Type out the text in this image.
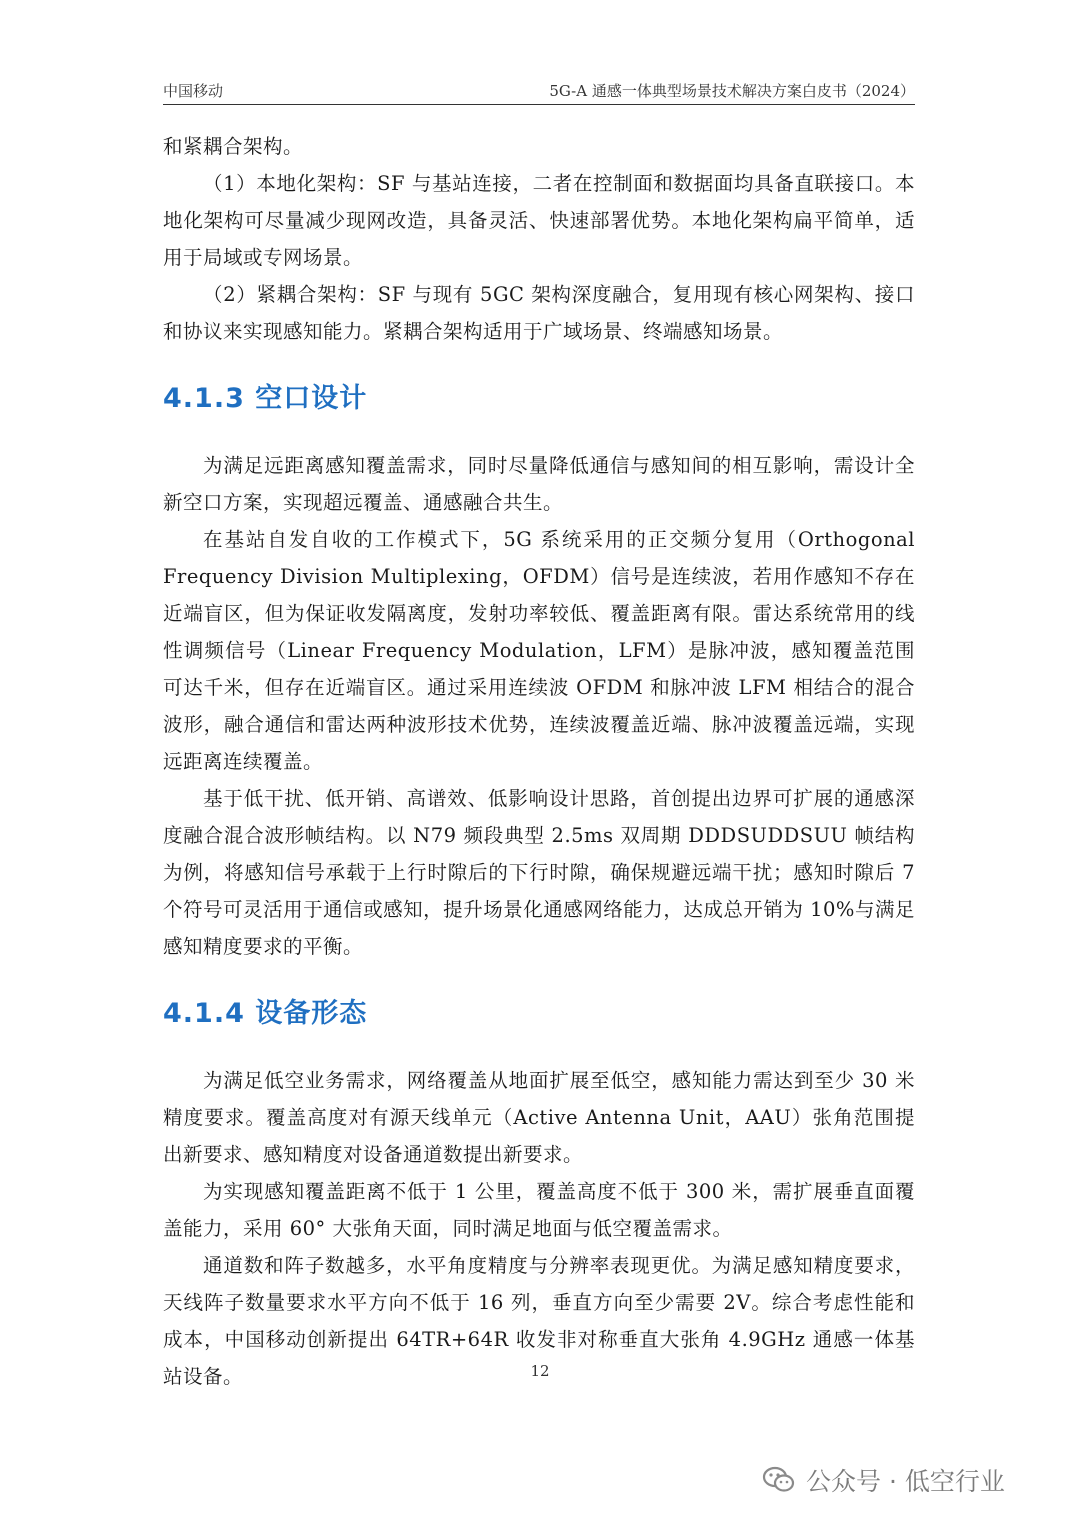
中国移动	5G-A 通感一体典型场景技术解决方案白皮书（2024）

和紧耦合架构。

（1）本地化架构：SF 与基站连接，二者在控制面和数据面均具备直联接口。本地化架构可尽量减少现网改造，具备灵活、快速部署优势。本地化架构扁平简单，适用于局域或专网场景。

（2）紧耦合架构：SF 与现有 5GC 架构深度融合，复用现有核心网架构、接口和协议来实现感知能力。紧耦合架构适用于广域场景、终端感知场景。

4.1.3 空口设计

为满足远距离感知覆盖需求，同时尽量降低通信与感知间的相互影响，需设计全新空口方案，实现超远覆盖、通感融合共生。

在基站自发自收的工作模式下，5G 系统采用的正交频分复用（Orthogonal Frequency Division Multiplexing，OFDM）信号是连续波，若用作感知不存在近端盲区，但为保证收发隔离度，发射功率较低、覆盖距离有限。雷达系统常用的线性调频信号（Linear Frequency Modulation，LFM）是脉冲波，感知覆盖范围可达千米，但存在近端盲区。通过采用连续波 OFDM 和脉冲波 LFM 相结合的混合波形，融合通信和雷达两种波形技术优势，连续波覆盖近端、脉冲波覆盖远端，实现远距离连续覆盖。

基于低干扰、低开销、高谱效、低影响设计思路，首创提出边界可扩展的通感深度融合混合波形帧结构。以 N79 频段典型 2.5ms 双周期 DDDSUDDSUU 帧结构为例，将感知信号承载于上行时隙后的下行时隙，确保规避远端干扰；感知时隙后 7 个符号可灵活用于通信或感知，提升场景化通感网络能力，达成总开销为 10%与满足感知精度要求的平衡。

4.1.4 设备形态

为满足低空业务需求，网络覆盖从地面扩展至低空，感知能力需达到至少 30 米精度要求。覆盖高度对有源天线单元（Active Antenna Unit，AAU）张角范围提出新要求、感知精度对设备通道数提出新要求。

为实现感知覆盖距离不低于 1 公里，覆盖高度不低于 300 米，需扩展垂直面覆盖能力，采用 60° 大张角天面，同时满足地面与低空覆盖需求。

通道数和阵子数越多，水平角度精度与分辨率表现更优。为满足感知精度要求，天线阵子数量要求水平方向不低于 16 列，垂直方向至少需要 2V。综合考虑性能和成本，中国移动创新提出 64TR+64R 收发非对称垂直大张角 4.9GHz 通感一体基站设备。	12
公众号 · 低空行业
